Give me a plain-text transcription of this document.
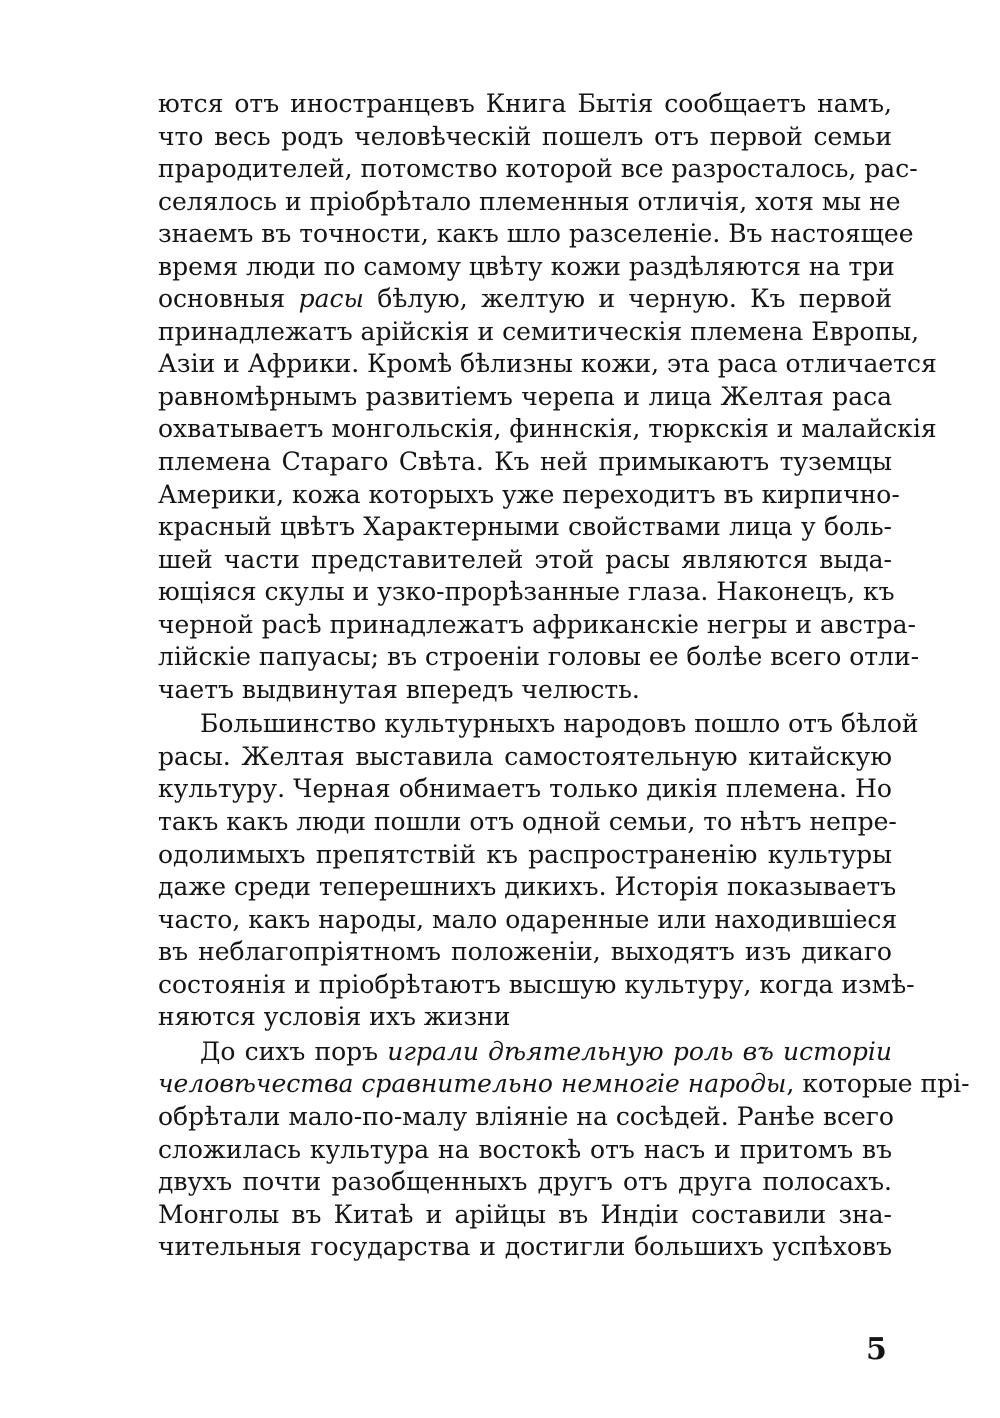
ются отъ иностранцевъ Книга Бытія сообщаетъ намъ,
что весь родъ человѣческій пошелъ отъ первой семьи
прародителей, потомство которой все разросталось, рас-
селялось и пріобрѣтало племенныя отличія, хотя мы не
знаемъ въ точности, какъ шло разселеніе. Въ настоящее
время люди по самому цвѣту кожи раздѣляются на три
основныя расы бѣлую, желтую и черную. Къ первой
принадлежатъ арійскія и семитическія племена Европы,
Азіи и Африки. Кромѣ бѣлизны кожи, эта раса отличается
равномѣрнымъ развитіемъ черепа и лица Желтая раса
охватываетъ монгольскія, финнскія, тюркскія и малайскія
племена Стараго Свѣта. Къ ней примыкаютъ туземцы
Америки, кожа которыхъ уже переходитъ въ кирпично-
красный цвѣтъ Характерными свойствами лица у боль-
шей части представителей этой расы являются выда-
ющіяся скулы и узко-прорѣзанные глаза. Наконецъ, къ
черной расѣ принадлежатъ африканскіе негры и австра-
лійскіе папуасы; въ строеніи головы ее болѣе всего отли-
чаетъ выдвинутая впередъ челюсть.
Большинство культурныхъ народовъ пошло отъ бѣлой
расы. Желтая выставила самостоятельную китайскую
культуру. Черная обнимаетъ только дикія племена. Но
такъ какъ люди пошли отъ одной семьи, то нѣтъ непре-
одолимыхъ препятствій къ распространенію культуры
даже среди теперешнихъ дикихъ. Исторія показываетъ
часто, какъ народы, мало одаренные или находившіеся
въ неблагопріятномъ положеніи, выходятъ изъ дикаго
состоянія и пріобрѣтаютъ высшую культуру, когда измѣ-
няются условія ихъ жизни
До сихъ поръ играли дѣятельную роль въ исторіи
человѣчества сравнительно немногіе народы, которые прі-
обрѣтали мало-по-малу вліяніе на сосѣдей. Ранѣе всего
сложилась культура на востокѣ отъ насъ и притомъ въ
двухъ почти разобщенныхъ другъ отъ друга полосахъ.
Монголы въ Китаѣ и арійцы въ Индіи составили зна-
чительныя государства и достигли большихъ успѣховъ
5
